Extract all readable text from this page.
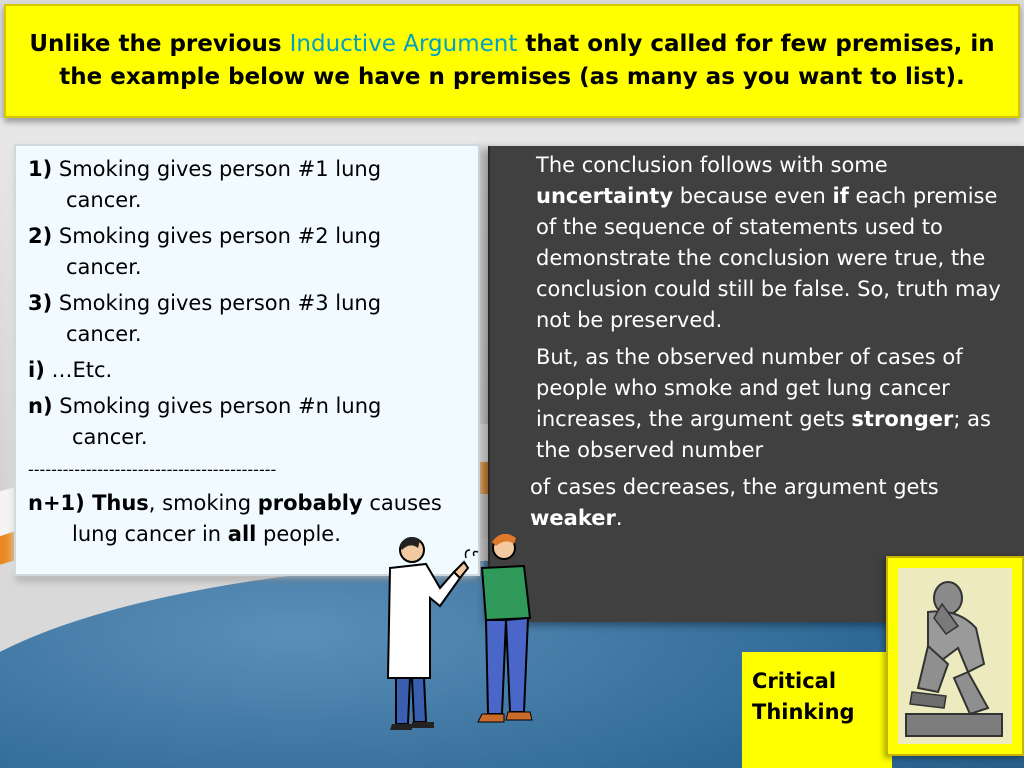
Unlike the previous Inductive Argument that only called for few premises, in the example below we have n premises (as many as you want to list).
1) Smoking gives person #1 lung
cancer.
2) Smoking gives person #2 lung
cancer.
3) Smoking gives person #3 lung
cancer.
i) …Etc.
n) Smoking gives person #n lung
cancer.
-------------------------------------------
n+1) Thus, smoking probably causes
lung cancer in all people.

The conclusion follows with some uncertainty because even if each premise of the sequence of statements used to demonstrate the conclusion were true, the conclusion could still be false. So, truth may not be preserved.

But, as the observed number of cases of people who smoke and get lung cancer increases, the argument gets stronger; as the observed number

of cases decreases, the argument gets weaker.

Critical
Thinking
